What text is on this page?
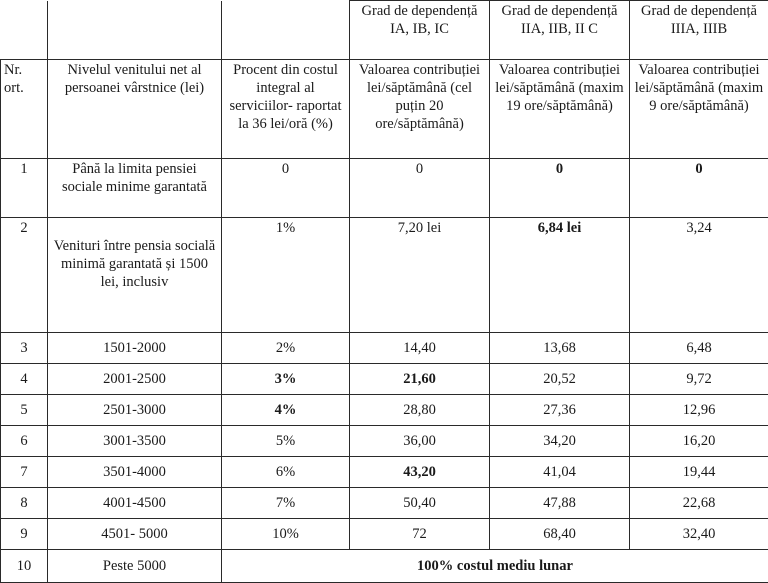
			Grad de dependență IA, IB, IC	Grad de dependență IIA, IIB, II C	Grad de dependență IIIA, IIIB
Nr. ort.	Nivelul venitului net al persoanei vârstnice (lei)	Procent din costul integral al serviciilor- raportat la 36 lei/oră (%)	Valoarea contribuției lei/săptămână (cel puțin 20 ore/săptămână)	Valoarea contribuției lei/săptămână (maxim 19 ore/săptămână)	Valoarea contribuției lei/săptămână (maxim 9 ore/săptămână)
1	Până la limita pensiei sociale minime garantată	0	0	0	0
2	Venituri între pensia socială minimă garantată și 1500 lei, inclusiv	1%	7,20 lei	6,84 lei	3,24
3	1501-2000	2%	14,40	13,68	6,48
4	2001-2500	3%	21,60	20,52	9,72
5	2501-3000	4%	28,80	27,36	12,96
6	3001-3500	5%	36,00	34,20	16,20
7	3501-4000	6%	43,20	41,04	19,44
8	4001-4500	7%	50,40	47,88	22,68
9	4501- 5000	10%	72	68,40	32,40
10	Peste 5000	100% costul mediu lunar			
